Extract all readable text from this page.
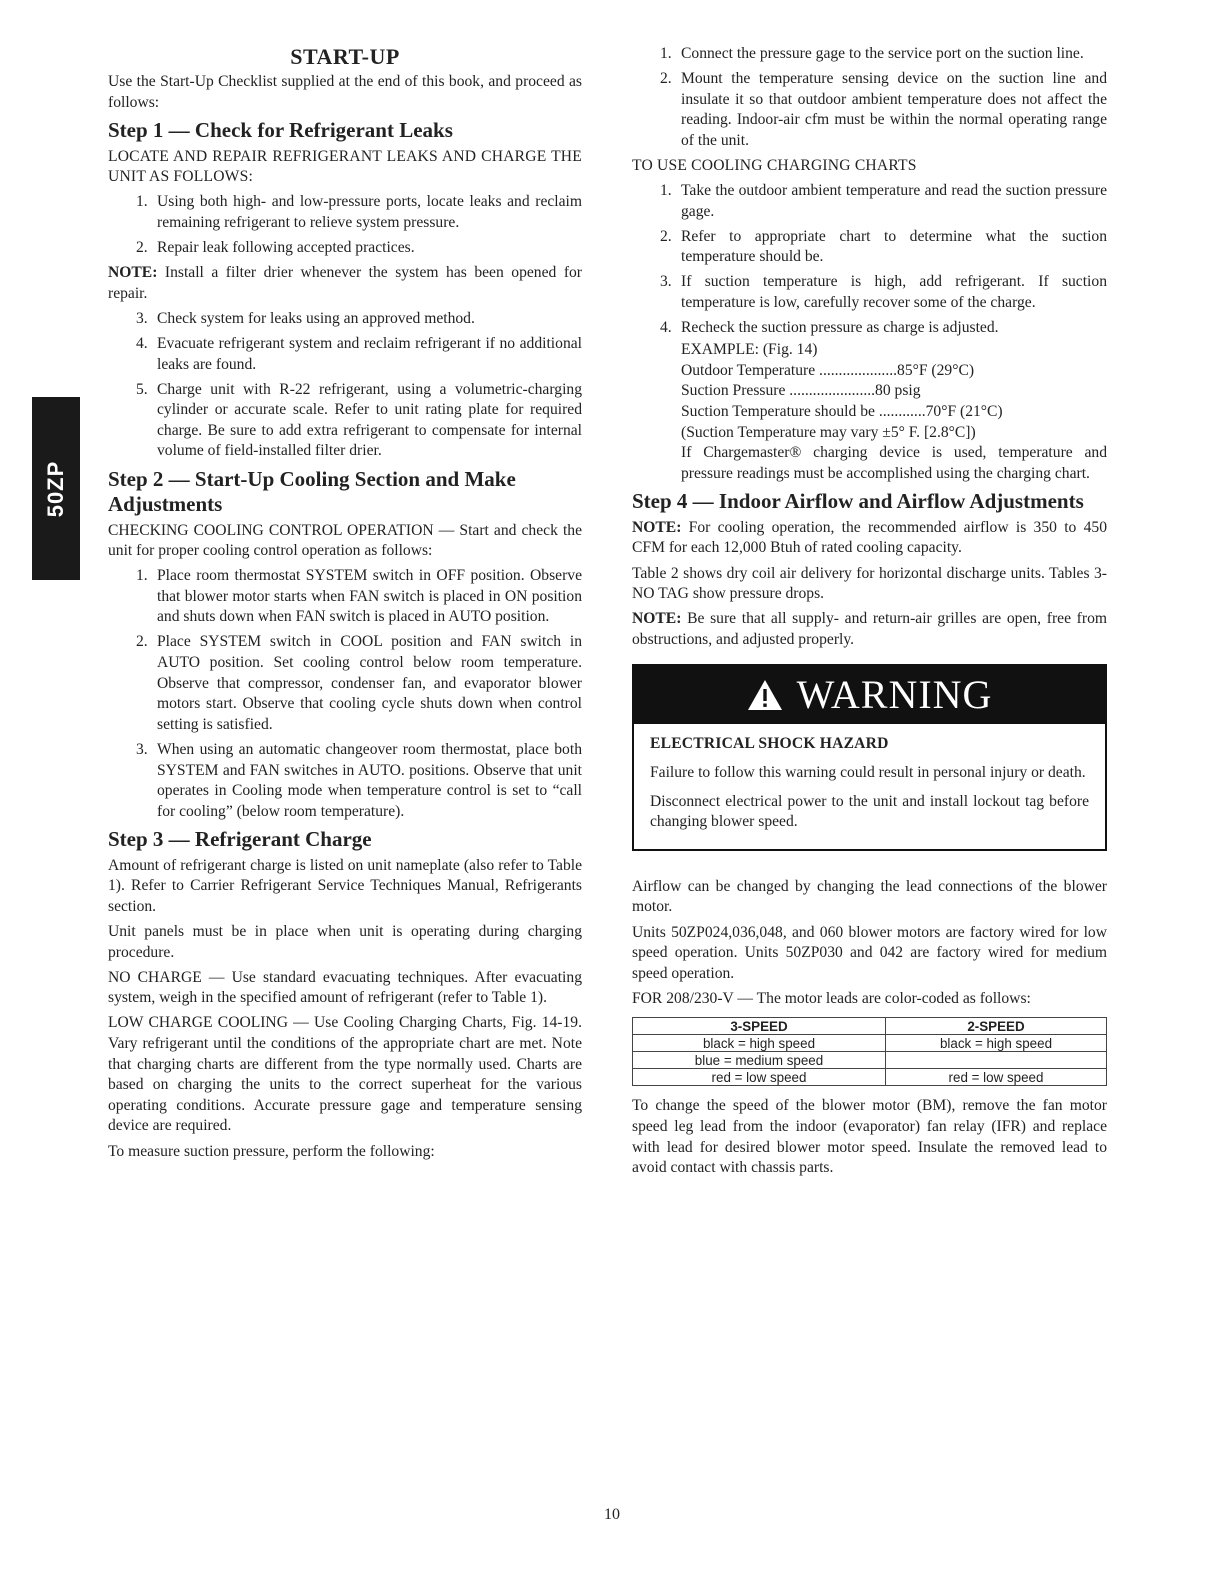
50ZP
START-UP

Use the Start-Up Checklist supplied at the end of this book, and proceed as follows:

Step 1 — Check for Refrigerant Leaks

LOCATE AND REPAIR REFRIGERANT LEAKS AND CHARGE THE UNIT AS FOLLOWS:

1. Using both high- and low-pressure ports, locate leaks and reclaim remaining refrigerant to relieve system pressure.
2. Repair leak following accepted practices.

NOTE: Install a filter drier whenever the system has been opened for repair.

3. Check system for leaks using an approved method.
4. Evacuate refrigerant system and reclaim refrigerant if no additional leaks are found.
5. Charge unit with R-22 refrigerant, using a volumetric-charging cylinder or accurate scale. Refer to unit rating plate for required charge. Be sure to add extra refrigerant to compensate for internal volume of field-installed filter drier.
Step 2 — Start-Up Cooling Section and Make Adjustments

CHECKING COOLING CONTROL OPERATION — Start and check the unit for proper cooling control operation as follows:

1. Place room thermostat SYSTEM switch in OFF position. Observe that blower motor starts when FAN switch is placed in ON position and shuts down when FAN switch is placed in AUTO position.
2. Place SYSTEM switch in COOL position and FAN switch in AUTO position. Set cooling control below room temperature. Observe that compressor, condenser fan, and evaporator blower motors start. Observe that cooling cycle shuts down when control setting is satisfied.
3. When using an automatic changeover room thermostat, place both SYSTEM and FAN switches in AUTO. positions. Observe that unit operates in Cooling mode when temperature control is set to “call for cooling” (below room temperature).
Step 3 — Refrigerant Charge

Amount of refrigerant charge is listed on unit nameplate (also refer to Table 1). Refer to Carrier Refrigerant Service Techniques Manual, Refrigerants section.

Unit panels must be in place when unit is operating during charging procedure.

NO CHARGE — Use standard evacuating techniques. After evacuating system, weigh in the specified amount of refrigerant (refer to Table 1).

LOW CHARGE COOLING — Use Cooling Charging Charts, Fig. 14-19. Vary refrigerant until the conditions of the appropriate chart are met. Note that charging charts are different from the type normally used. Charts are based on charging the units to the correct superheat for the various operating conditions. Accurate pressure gage and temperature sensing device are required.

To measure suction pressure, perform the following:

1. Connect the pressure gage to the service port on the suction line.
2. Mount the temperature sensing device on the suction line and insulate it so that outdoor ambient temperature does not affect the reading. Indoor-air cfm must be within the normal operating range of the unit.

TO USE COOLING CHARGING CHARTS

1. Take the outdoor ambient temperature and read the suction pressure gage.
2. Refer to appropriate chart to determine what the suction temperature should be.
3. If suction temperature is high, add refrigerant. If suction temperature is low, carefully recover some of the charge.
4. Recheck the suction pressure as charge is adjusted.
EXAMPLE: (Fig. 14)
Outdoor Temperature ....................85°F (29°C)
Suction Pressure ......................80 psig
Suction Temperature should be ............70°F (21°C)
(Suction Temperature may vary ±5° F. [2.8°C])
If Chargemaster® charging device is used, temperature and pressure readings must be accomplished using the charging chart.
Step 4 — Indoor Airflow and Airflow Adjustments

NOTE: For cooling operation, the recommended airflow is 350 to 450 CFM for each 12,000 Btuh of rated cooling capacity.

Table 2 shows dry coil air delivery for horizontal discharge units. Tables 3-NO TAG show pressure drops.

NOTE: Be sure that all supply- and return-air grilles are open, free from obstructions, and adjusted properly.

WARNING

ELECTRICAL SHOCK HAZARD

Failure to follow this warning could result in personal injury or death.

Disconnect electrical power to the unit and install lockout tag before changing blower speed.

Airflow can be changed by changing the lead connections of the blower motor.

Units 50ZP024,036,048, and 060 blower motors are factory wired for low speed operation. Units 50ZP030 and 042 are factory wired for medium speed operation.

FOR 208/230-V — The motor leads are color-coded as follows:

3-SPEED	2-SPEED
black = high speed	black = high speed
blue = medium speed	
red = low speed	red = low speed

To change the speed of the blower motor (BM), remove the fan motor speed leg lead from the indoor (evaporator) fan relay (IFR) and replace with lead for desired blower motor speed. Insulate the removed lead to avoid contact with chassis parts.

10
